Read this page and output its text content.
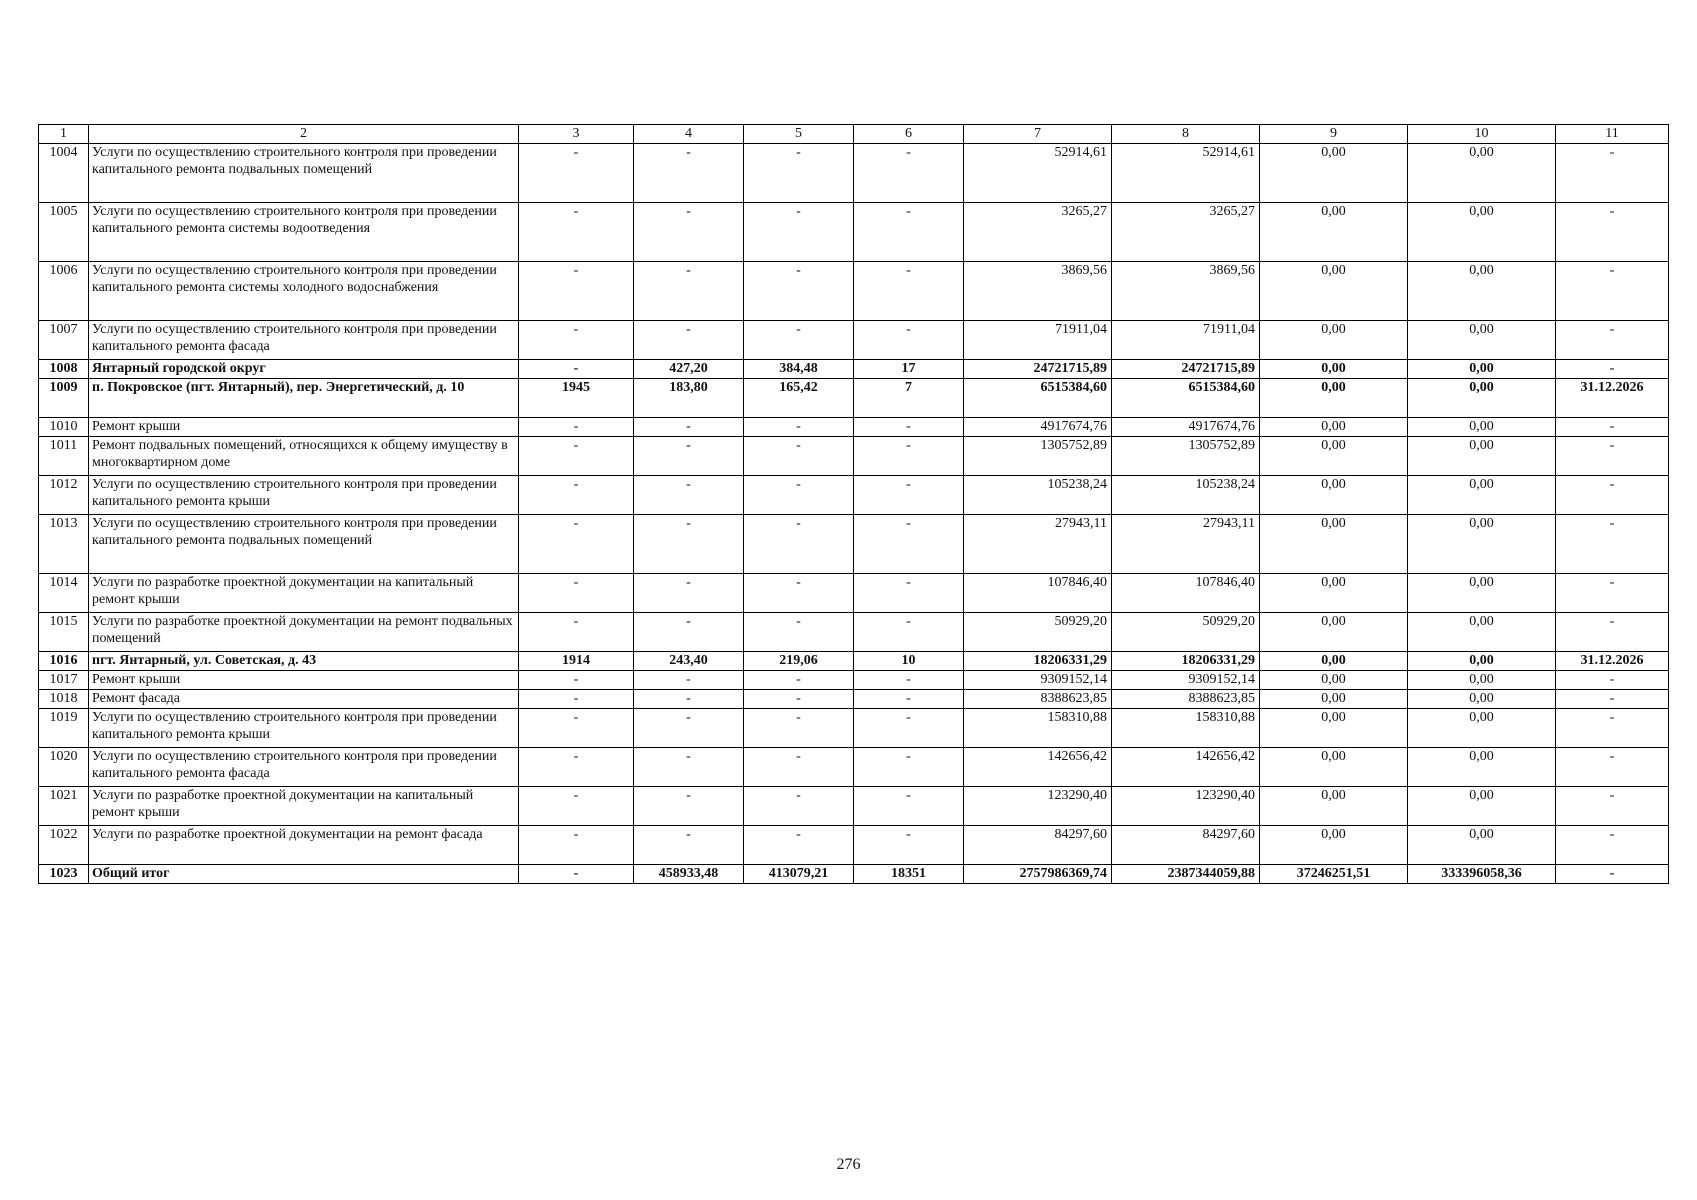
1	2	3	4	5	6	7	8	9	10	11
1004	Услуги по осуществлению строительного контроля при проведении капитального ремонта подвальных помещений	-	-	-	-	52914,61	52914,61	0,00	0,00	-
1005	Услуги по осуществлению строительного контроля при проведении капитального ремонта системы водоотведения	-	-	-	-	3265,27	3265,27	0,00	0,00	-
1006	Услуги по осуществлению строительного контроля при проведении капитального ремонта системы холодного водоснабжения	-	-	-	-	3869,56	3869,56	0,00	0,00	-
1007	Услуги по осуществлению строительного контроля при проведении капитального ремонта фасада	-	-	-	-	71911,04	71911,04	0,00	0,00	-
1008	Янтарный городской округ	-	427,20	384,48	17	24721715,89	24721715,89	0,00	0,00	-
1009	п. Покровское (пгт. Янтарный), пер. Энергетический, д. 10	1945	183,80	165,42	7	6515384,60	6515384,60	0,00	0,00	31.12.2026
1010	Ремонт крыши	-	-	-	-	4917674,76	4917674,76	0,00	0,00	-
1011	Ремонт подвальных помещений, относящихся к общему имуществу в многоквартирном доме	-	-	-	-	1305752,89	1305752,89	0,00	0,00	-
1012	Услуги по осуществлению строительного контроля при проведении капитального ремонта крыши	-	-	-	-	105238,24	105238,24	0,00	0,00	-
1013	Услуги по осуществлению строительного контроля при проведении капитального ремонта подвальных помещений	-	-	-	-	27943,11	27943,11	0,00	0,00	-
1014	Услуги по разработке проектной документации на капитальный ремонт крыши	-	-	-	-	107846,40	107846,40	0,00	0,00	-
1015	Услуги по разработке проектной документации на ремонт подвальных помещений	-	-	-	-	50929,20	50929,20	0,00	0,00	-
1016	пгт. Янтарный, ул. Советская, д. 43	1914	243,40	219,06	10	18206331,29	18206331,29	0,00	0,00	31.12.2026
1017	Ремонт крыши	-	-	-	-	9309152,14	9309152,14	0,00	0,00	-
1018	Ремонт фасада	-	-	-	-	8388623,85	8388623,85	0,00	0,00	-
1019	Услуги по осуществлению строительного контроля при проведении капитального ремонта крыши	-	-	-	-	158310,88	158310,88	0,00	0,00	-
1020	Услуги по осуществлению строительного контроля при проведении капитального ремонта фасада	-	-	-	-	142656,42	142656,42	0,00	0,00	-
1021	Услуги по разработке проектной документации на капитальный ремонт крыши	-	-	-	-	123290,40	123290,40	0,00	0,00	-
1022	Услуги по разработке проектной документации на ремонт фасада	-	-	-	-	84297,60	84297,60	0,00	0,00	-
1023	Общий итог	-	458933,48	413079,21	18351	2757986369,74	2387344059,88	37246251,51	333396058,36	-
276
